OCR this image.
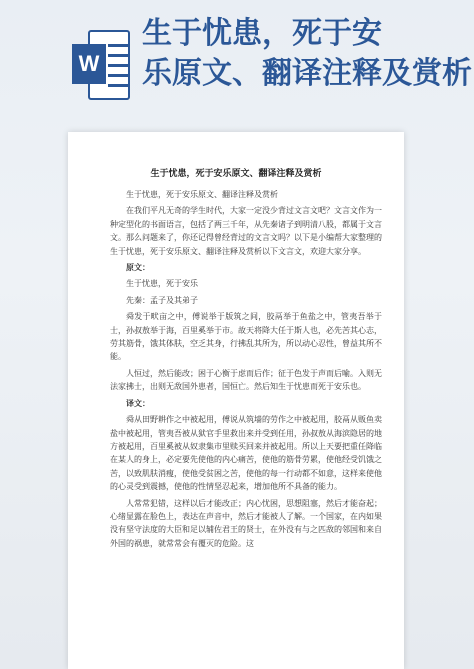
W
生于忧患，死于安
乐原文、翻译注释及赏析
生于忧患，死于安乐原文、翻译注释及赏析

生于忧患，死于安乐原文、翻译注释及赏析

在我们平凡无奇的学生时代，大家一定没少背过文言文吧？文言文作为一种定型化的书面语言，包括了两三千年，从先秦诸子到明清八股，都属于文言文。那么问题来了，你还记得曾经背过的文言文吗？以下是小编帮大家整理的生于忧患，死于安乐原文、翻译注释及赏析以下文言文，欢迎大家分享。

原文：

生于忧患，死于安乐

先秦：孟子及其弟子

舜发于畎亩之中，傅说举于版筑之间，胶鬲举于鱼盐之中，管夷吾举于士，孙叔敖举于海，百里奚举于市。故天将降大任于斯人也，必先苦其心志，劳其筋骨，饿其体肤，空乏其身，行拂乱其所为，所以动心忍性，曾益其所不能。

人恒过，然后能改；困于心衡于虑而后作；征于色发于声而后喻。入则无法家拂士，出则无敌国外患者，国恒亡。然后知生于忧患而死于安乐也。

译文：

舜从田野耕作之中被起用，傅说从筑墙的劳作之中被起用，胶鬲从贩鱼卖盐中被起用，管夷吾被从狱官手里救出来并受到任用，孙叔敖从海滨隐居的地方被起用，百里奚被从奴隶集市里赎买回来并被起用。所以上天要把重任降临在某人的身上，必定要先使他的内心痛苦，使他的筋骨劳累，使他经受饥饿之苦，以致肌肤消瘦，使他受贫困之苦，使他的每一行动都不如意，这样来使他的心灵受到震撼，使他的性情坚忍起来，增加他所不具备的能力。

人常常犯错，这样以后才能改正；内心忧困，思想阻塞，然后才能奋起；心绪显露在脸色上，表达在声音中，然后才能被人了解。一个国家，在内如果没有坚守法度的大臣和足以辅佐君王的贤士，在外没有与之匹敌的邻国和来自外国的祸患，就常常会有覆灭的危险。这
